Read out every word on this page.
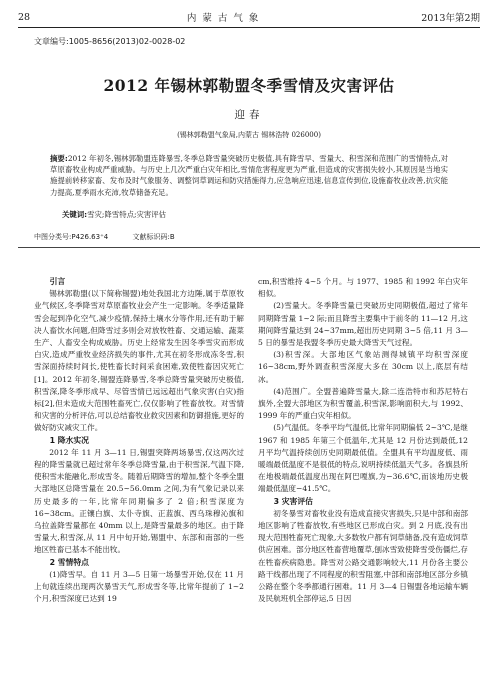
28	内蒙古气象	2013年第2期
文章编号:1005-8656(2013)02-0028-02
2012 年锡林郭勒盟冬季雪情及灾害评估
迎春
(锡林郭勒盟气象局,内蒙古 锡林浩特 026000)
摘要:2012 年初冬,锡林郭勒盟连降暴雪,冬季总降雪量突破历史极值,具有降雪早、雪量大、积雪深和范围广的雪情特点,对草原畜牧业构成严重威胁。与历史上几次严重白灾年相比,雪情危害程度更为严重,但造成的灾害损失较小,其原因是当地实施提前转移家畜、发布及时气象服务、调整饲草调运和防灾措施得力,应急响应迅速,信息宣传到位,设施畜牧业改善,抗灾能力提高,夏季雨水充沛,牧草储备充足。
关键词:雪灾;降雪特点;灾害评估
中图分类号:P426.63⁺4	文献标识码:B

引言

锡林郭勒盟(以下简称锡盟)地处我国北方边陲,属于草原牧业气候区,冬季降雪对草原畜牧业会产生一定影响。冬季适量降雪会起到净化空气,减少疫情,保持土壤水分等作用,还有助于解决人畜饮水问题,但降雪过多则会对放牧牲畜、交通运输、蔬菜生产、人畜安全构成威胁。历史上经常发生因冬季雪灾而形成白灾,造成严重牧业经济损失的事件,尤其在初冬形成冻冬雪,积雪深面持续时间长,使牲畜长时间采食困难,致使牲畜因灾死亡[1]。2012 年初冬,锡盟连降暴雪,冬季总降雪量突破历史极值,积雪深,降冬季形成早、尽管雪情已远远超出气象灾害(白灾)指标[2],但未造成大范围牲畜死亡,仅仅影响了牲畜放牧。对雪情和灾害的分析评估,可以总结畜牧业救灾因素和防御措施,更好的做好防灾减灾工作。

1 降水实况

2012 年 11 月 3—11 日,锡盟突降两场暴雪,仅这两次过程的降雪量就已超过常年冬季总降雪量,由于积雪深,气温下降,使积雪未能融化,形成雪冬。随着后期降雪的增加,整个冬季全盟大部地区总降雪量在 20.5~56.0mm 之间,为有气象记录以来历史最多的一年,比常年同期偏多了 2 倍;积雪深度为 16~38cm。正镶白旗、太仆寺旗、正蓝旗、西乌珠穆沁旗和乌拉盖降雪量都在 40mm 以上,是降雪量最多的地区。由于降雪量大,积雪深,从 11 月中旬开始,锡盟中、东部和南部的一些地区牲畜已基本不能出牧。

2 雪情特点

(1)降雪早。自 11 月 3—5 日第一场暴雪开始,仅在 11 月上旬就连续出现两次暴雪天气,形成雪冬等,比常年提前了 1~2 个月,积雪深度已达到 19

cm,积雪维持 4~5 个月。与 1977、1985 和 1992 年白灾年相似。

(2)雪量大。冬季降雪量已突破历史同期极值,超过了常年同期降雪量 1~2 际;而且降雪主要集中于前冬的 11—12 月,这期间降雪量达到 24~37mm,超出历史同期 3~5 倍,11 月 3—5 日的暴雪是我盟冬季历史最大降雪天气过程。

(3)积雪深。大部地区气象站测得城镇平均积雪深度 16~38cm,野外调查积雪深度大多在 30cm 以上,底层有结冰。

(4)范围广。全盟普遍降雪量大,除二连浩特市和苏尼特右旗外,全盟大部地区为积雪覆盖,积雪深,影响面积大,与 1992、1999 年的严重白灾年相似。

(5)气温低。冬季平均气温低,比常年同期偏低 2~3℃,是继 1967 和 1985 年第三个低温年,尤其是 12 月份达到最低,12 月平均气温持续创历史同期最低值。全盟具有平均温度低、雨暖端最低温度不是很低的特点,说明持续低温天气多。各旗县所在地极端最低温度出现在阿巴嘎旗,为−36.6℃,而该地历史极端最低温度−41.5℃。

3 灾害评估

初冬暴雪对畜牧业没有造成直接灾害损失,只是中部和南部地区影响了牲畜放牧,有些地区已形成白灾。到 2 月底,没有出现大范围牲畜死亡现象,大多数牧户都有饲草储备,没有造成饲草供应困难。部分地区牲畜营地覆草,刨冰雪致使降雪受伤僵烂,存在牲畜疾病隐患。降雪对公路交通影响较大,11 月份各主要公路干线都出现了不同程度的积雪阻塞,中部和南部地区部分乡镇公路在整个冬季都通行困难。11 月 3—4 日锡盟各地运输车辆及民航班机全部停运,5 日因
